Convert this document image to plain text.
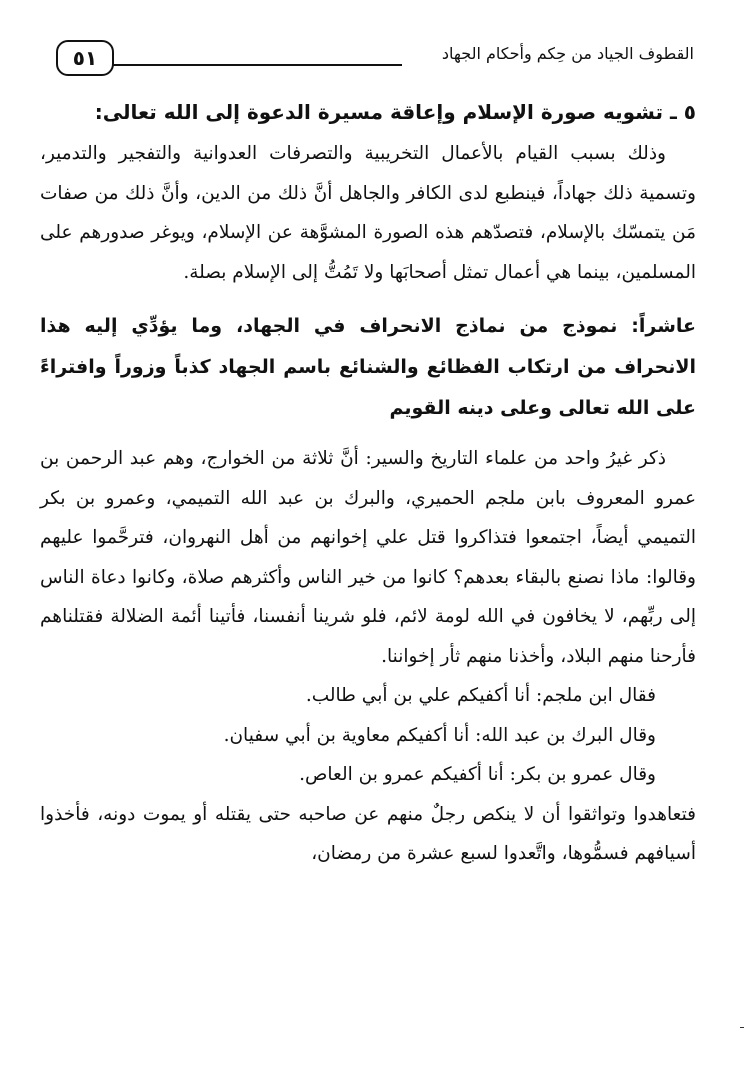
٥١	القطوف الجياد من حِكم وأحكام الجهاد

٥ ـ تشويه صورة الإسلام وإعاقة مسيرة الدعوة إلى الله تعالى:

وذلك بسبب القيام بالأعمال التخريبية والتصرفات العدوانية والتفجير والتدمير، وتسمية ذلك جهاداً، فينطبع لدى الكافر والجاهل أنَّ ذلك من الدين، وأنَّ ذلك من صفات مَن يتمسّك بالإسلام، فتصدّهم هذه الصورة المشوَّهة عن الإسلام، ويوغر صدورهم على المسلمين، بينما هي أعمال تمثل أصحابَها ولا تَمُتُّ إلى الإسلام بصلة.

عاشراً: نموذج من نماذج الانحراف في الجهاد، وما يؤدِّي إليه هذا الانحراف من ارتكاب الفظائع والشنائع باسم الجهاد كذباً وزوراً وافتراءً على الله تعالى وعلى دينه القويم

ذكر غيرُ واحد من علماء التاريخ والسير: أنَّ ثلاثة من الخوارج، وهم عبد الرحمن بن عمرو المعروف بابن ملجم الحميري، والبرك بن عبد الله التميمي، وعمرو بن بكر التميمي أيضاً، اجتمعوا فتذاكروا قتل علي إخوانهم من أهل النهروان، فترحَّموا عليهم وقالوا: ماذا نصنع بالبقاء بعدهم؟ كانوا من خير الناس وأكثرهم صلاة، وكانوا دعاة الناس إلى ربِّهم، لا يخافون في الله لومة لائم، فلو شرينا أنفسنا، فأتينا أئمة الضلالة فقتلناهم فأرحنا منهم البلاد، وأخذنا منهم ثأر إخواننا.

فقال ابن ملجم: أنا أكفيكم علي بن أبي طالب.

وقال البرك بن عبد الله: أنا أكفيكم معاوية بن أبي سفيان.

وقال عمرو بن بكر: أنا أكفيكم عمرو بن العاص.

فتعاهدوا وتواثقوا أن لا ينكص رجلٌ منهم عن صاحبه حتى يقتله أو يموت دونه، فأخذوا أسيافهم فسمُّوها، واتَّعدوا لسبع عشرة من رمضان،
